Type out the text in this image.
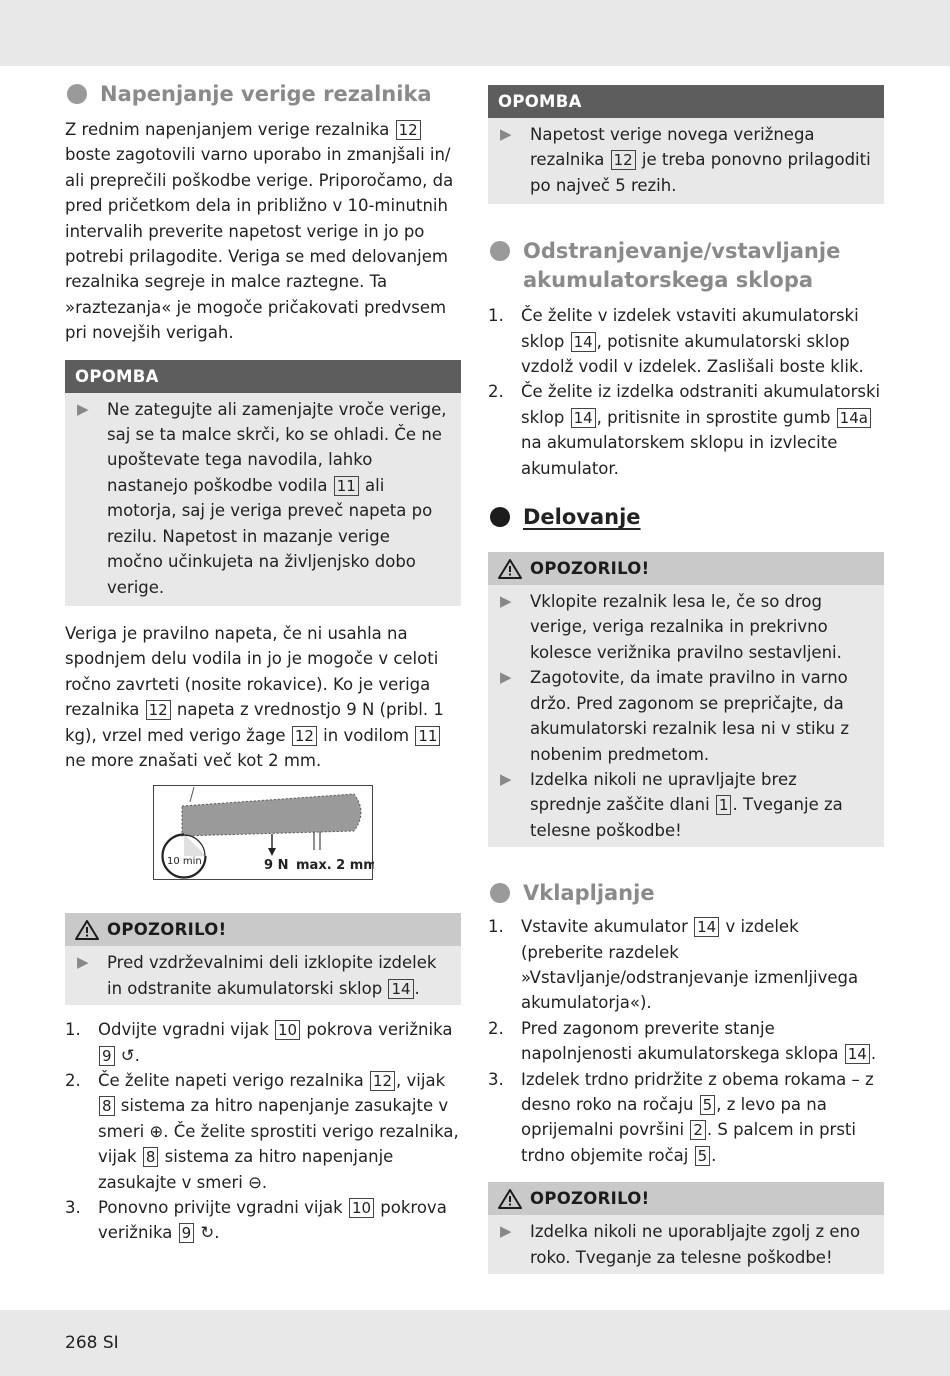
Napenjanje verige rezalnika

Z rednim napenjanjem verige rezalnika 12 boste zagotovili varno uporabo in zmanjšali in/ ali preprečili poškodbe verige. Priporočamo, da pred pričetkom dela in približno v 10-minutnih intervalih preverite napetost verige in jo po potrebi prilagodite. Veriga se med delovanjem rezalnika segreje in malce raztegne. Ta »raztezanja« je mogoče pričakovati predvsem pri novejših verigah.

OPOMBA
▶	Ne zategujte ali zamenjajte vroče verige, saj se ta malce skrči, ko se ohladi. Če ne upoštevate tega navodila, lahko nastanejo poškodbe vodila 11 ali motorja, saj je veriga preveč napeta po rezilu. Napetost in mazanje verige močno učinkujeta na življenjsko dobo verige.

Veriga je pravilno napeta, če ni usahla na spodnjem delu vodila in jo je mogoče v celoti ročno zavrteti (nosite rokavice). Ko je veriga rezalnika 12 napeta z vrednostjo 9 N (pribl. 1 kg), vrzel med verigo žage 12 in vodilom 11 ne more znašati več kot 2 mm.

10 min	9 N max. 2 mm
OPOZORILO!
▶	Pred vzdrževalnimi deli izklopite izdelek in odstranite akumulatorski sklop 14 .
1.	Odvijte vgradni vijak 10 pokrova verižnika 9 ↺.
2.	Če želite napeti verigo rezalnika 12 , vijak 8 sistema za hitro napenjanje zasukajte v smeri ⊕. Če želite sprostiti verigo rezalnika, vijak 8 sistema za hitro napenjanje zasukajte v smeri ⊖.
3.	Ponovno privijte vgradni vijak 10 pokrova verižnika 9 ↻.
OPOMBA
▶	Napetost verige novega verižnega rezalnika 12 je treba ponovno prilagoditi po največ 5 rezih.
Odstranjevanje/vstavljanje akumulatorskega sklopa
1.	Če želite v izdelek vstaviti akumulatorski sklop 14 , potisnite akumulatorski sklop vzdolž vodil v izdelek. Zaslišali boste klik.
2.	Če želite iz izdelka odstraniti akumulatorski sklop 14 , pritisnite in sprostite gumb 14a na akumulatorskem sklopu in izvlecite akumulator.
Delovanje
OPOZORILO!
▶	Vklopite rezalnik lesa le, če so drog verige, veriga rezalnika in prekrivno kolesce verižnika pravilno sestavljeni.
▶	Zagotovite, da imate pravilno in varno držo. Pred zagonom se prepričajte, da akumulatorski rezalnik lesa ni v stiku z nobenim predmetom.
▶	Izdelka nikoli ne upravljajte brez sprednje zaščite dlani 1 . Tveganje za telesne poškodbe!
Vklapljanje
1.	Vstavite akumulator 14 v izdelek (preberite razdelek »Vstavljanje/odstranjevanje izmenljivega akumulatorja«).
2.	Pred zagonom preverite stanje napolnjenosti akumulatorskega sklopa 14 .
3.	Izdelek trdno pridržite z obema rokama – z desno roko na ročaju 5 , z levo pa na oprijemalni površini 2 . S palcem in prsti trdno objemite ročaj 5 .
OPOZORILO!
▶	Izdelka nikoli ne uporabljajte zgolj z eno roko. Tveganje za telesne poškodbe!
268 SI
